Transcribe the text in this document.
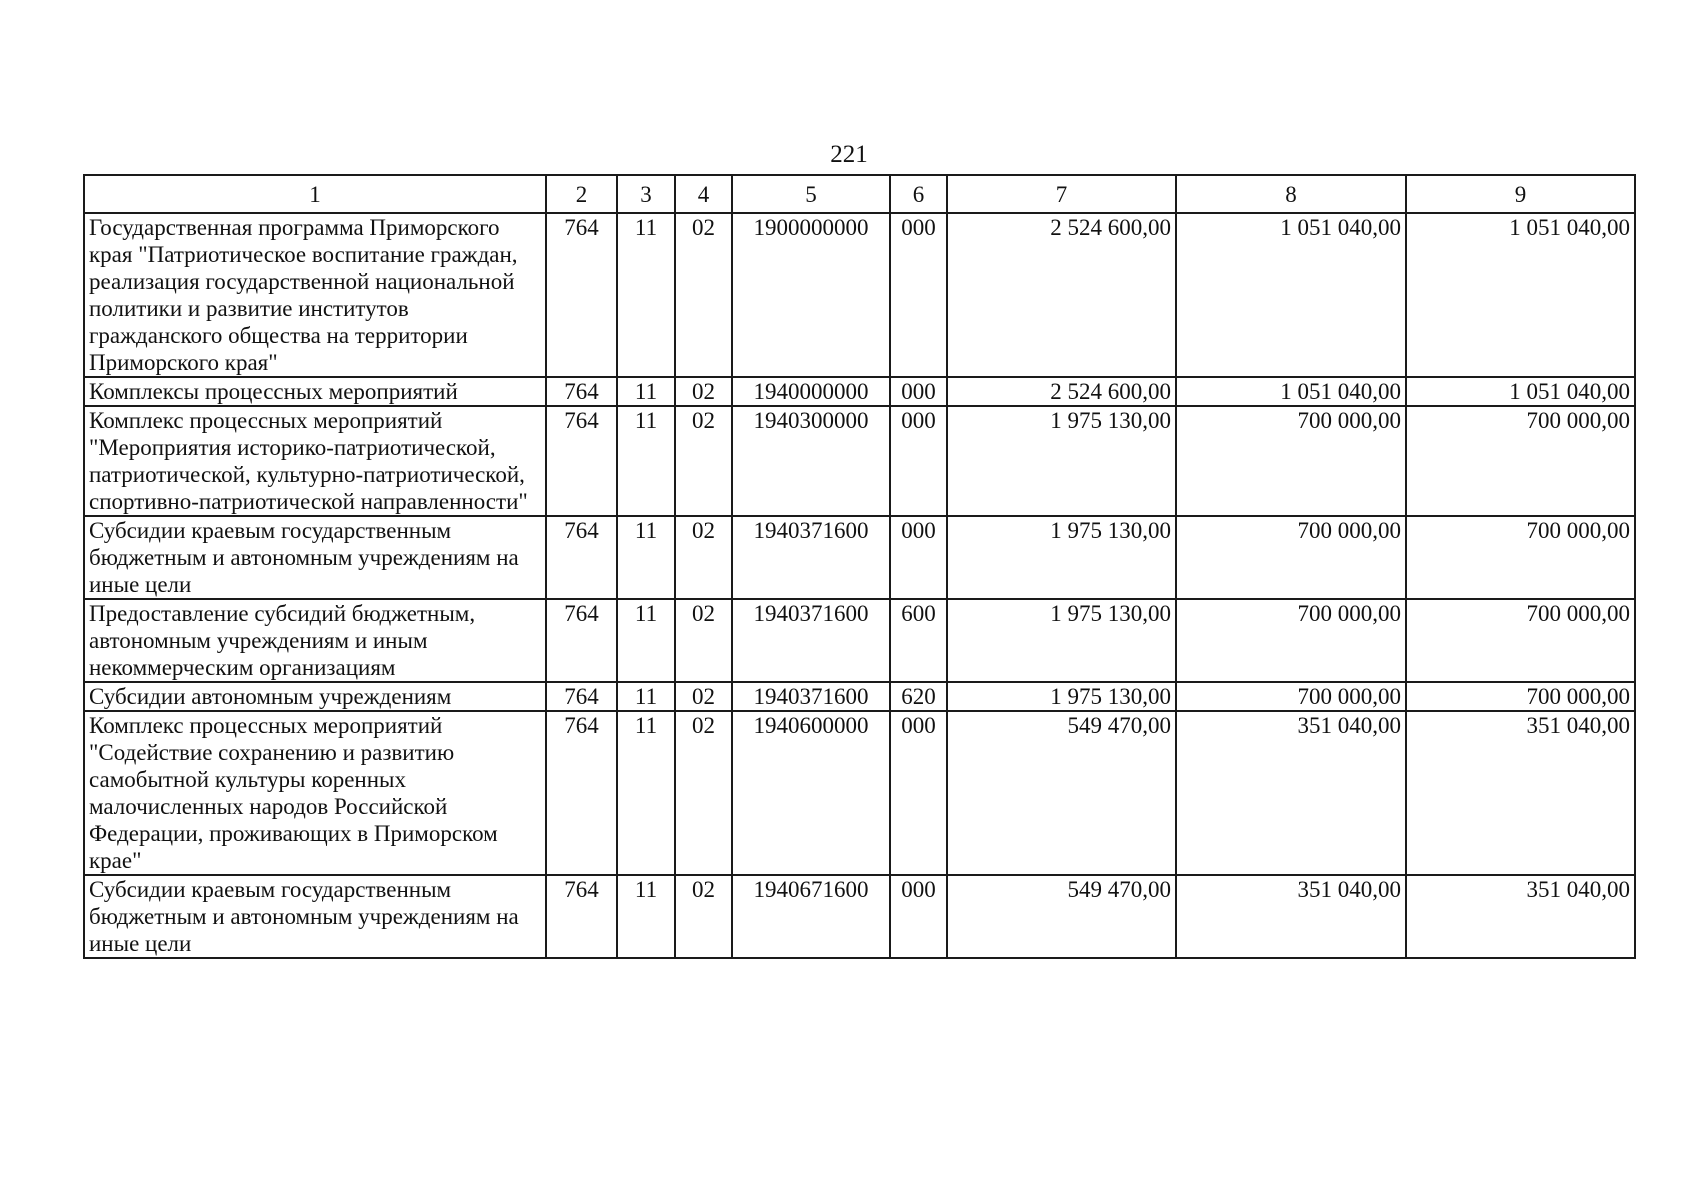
221
1	2	3	4	5	6	7	8	9
Государственная программа Приморского края "Патриотическое воспитание граждан, реализация государственной национальной политики и развитие институтов гражданского общества на территории Приморского края"	764	11	02	1900000000	000	2 524 600,00	1 051 040,00	1 051 040,00
Комплексы процессных мероприятий	764	11	02	1940000000	000	2 524 600,00	1 051 040,00	1 051 040,00
Комплекс процессных мероприятий "Мероприятия историко-патриотической, патриотической, культурно-патриотической, спортивно-патриотической направленности"	764	11	02	1940300000	000	1 975 130,00	700 000,00	700 000,00
Субсидии краевым государственным бюджетным и автономным учреждениям на иные цели	764	11	02	1940371600	000	1 975 130,00	700 000,00	700 000,00
Предоставление субсидий бюджетным, автономным учреждениям и иным некоммерческим организациям	764	11	02	1940371600	600	1 975 130,00	700 000,00	700 000,00
Субсидии автономным учреждениям	764	11	02	1940371600	620	1 975 130,00	700 000,00	700 000,00
Комплекс процессных мероприятий "Содействие сохранению и развитию самобытной культуры коренных малочисленных народов Российской Федерации, проживающих в Приморском крае"	764	11	02	1940600000	000	549 470,00	351 040,00	351 040,00
Субсидии краевым государственным бюджетным и автономным учреждениям на иные цели	764	11	02	1940671600	000	549 470,00	351 040,00	351 040,00
